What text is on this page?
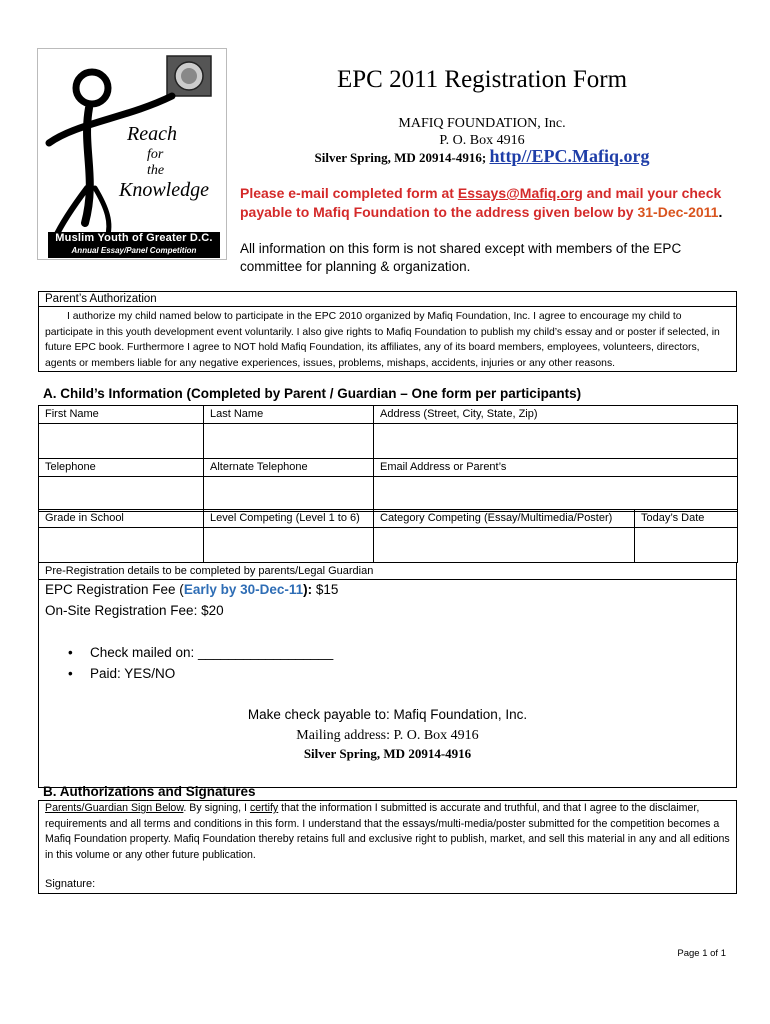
Reach
for
the
Knowledge
Muslim Youth of Greater D.C.
Annual Essay/Panel Competition
EPC 2011 Registration Form
MAFIQ FOUNDATION, Inc.
P. O. Box 4916
Silver Spring, MD 20914-4916; http//EPC.Mafiq.org
Please e-mail completed form at Essays@Mafiq.org and mail your check payable to Mafiq Foundation to the address given below by 31-Dec-2011.
All information on this form is not shared except with members of the EPC committee for planning & organization.
Parent’s Authorization
I authorize my child named below to participate in the EPC 2010 organized by Mafiq Foundation, Inc. I agree to encourage my child to participate in this youth development event voluntarily. I also give rights to Mafiq Foundation to publish my child’s essay and or poster if selected, in future EPC book. Furthermore I agree to NOT hold Mafiq Foundation, its affiliates, any of its board members, employees, volunteers, directors, agents or members liable for any negative experiences, issues, problems, mishaps, accidents, injuries or any other reasons.
A. Child’s Information (Completed by Parent / Guardian – One form per participants)
First Name	Last Name	Address (Street, City, State, Zip)

Telephone	Alternate Telephone	Email Address or Parent’s

Grade in School	Level Competing (Level 1 to 6)	Category Competing (Essay/Multimedia/Poster)	Today’s Date

Pre-Registration details to be completed by parents/Legal Guardian
EPC Registration Fee (Early by 30-Dec-11): $15
On-Site Registration Fee: $20
• Check mailed on: __________________
• Paid: YES/NO
Make check payable to: Mafiq Foundation, Inc.
Mailing address: P. O. Box 4916
Silver Spring, MD 20914-4916
B. Authorizations and Signatures
Parents/Guardian Sign Below. By signing, I certify that the information I submitted is accurate and truthful, and that I agree to the disclaimer, requirements and all terms and conditions in this form. I understand that the essays/multi-media/poster submitted for the competition becomes a Mafiq Foundation property. Mafiq Foundation thereby retains full and exclusive right to publish, market, and sell this material in any and all editions in this volume or any other future publication.
Signature:
Page 1 of 1
